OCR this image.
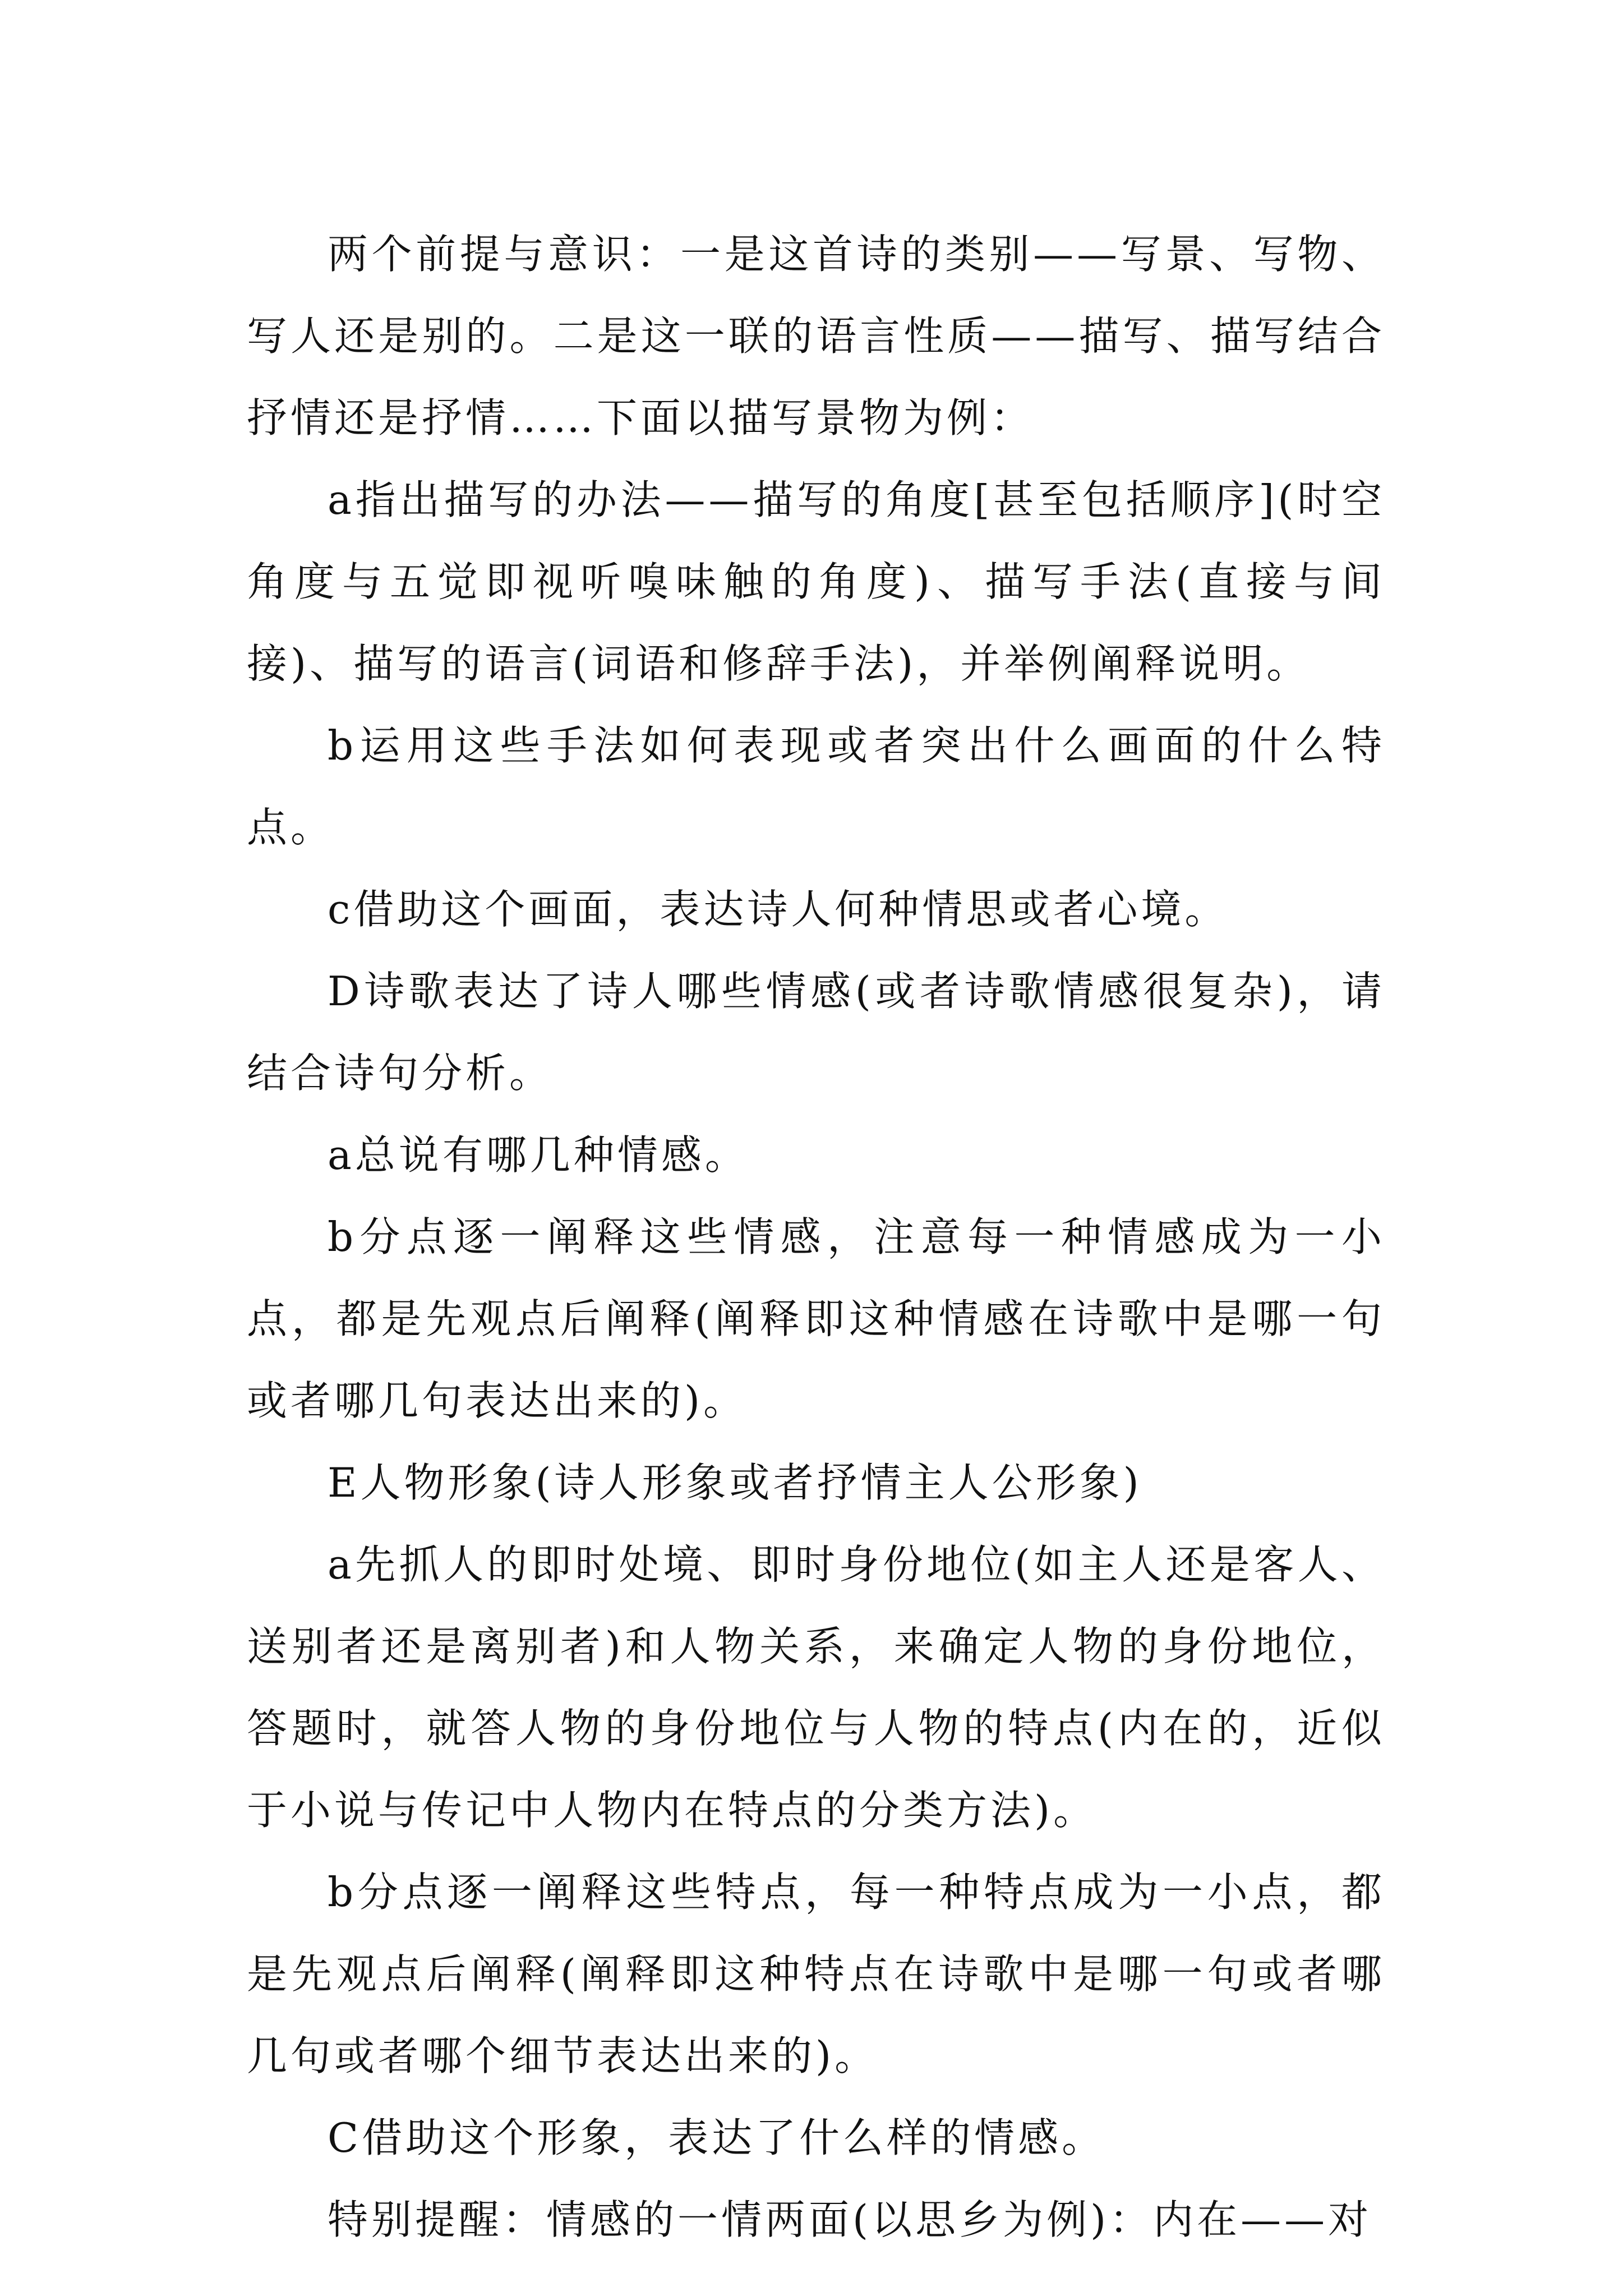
两个前提与意识：一是这首诗的类别——写景、写物、写人还是别的。二是这一联的语言性质——描写、描写结合抒情还是抒情……下面以描写景物为例：

a指出描写的办法——描写的角度[甚至包括顺序](时空角度与五觉即视听嗅味触的角度)、描写手法(直接与间接)、描写的语言(词语和修辞手法)，并举例阐释说明。

b运用这些手法如何表现或者突出什么画面的什么特点。

c借助这个画面，表达诗人何种情思或者心境。

D诗歌表达了诗人哪些情感(或者诗歌情感很复杂)，请结合诗句分析。

a总说有哪几种情感。

b分点逐一阐释这些情感，注意每一种情感成为一小点，都是先观点后阐释(阐释即这种情感在诗歌中是哪一句或者哪几句表达出来的)。

E人物形象(诗人形象或者抒情主人公形象)

a先抓人的即时处境、即时身份地位(如主人还是客人、送别者还是离别者)和人物关系，来确定人物的身份地位，答题时，就答人物的身份地位与人物的特点(内在的，近似于小说与传记中人物内在特点的分类方法)。

b分点逐一阐释这些特点，每一种特点成为一小点，都是先观点后阐释(阐释即这种特点在诗歌中是哪一句或者哪几句或者哪个细节表达出来的)。

C借助这个形象，表达了什么样的情感。

特别提醒：情感的一情两面(以思乡为例)：内在——对
